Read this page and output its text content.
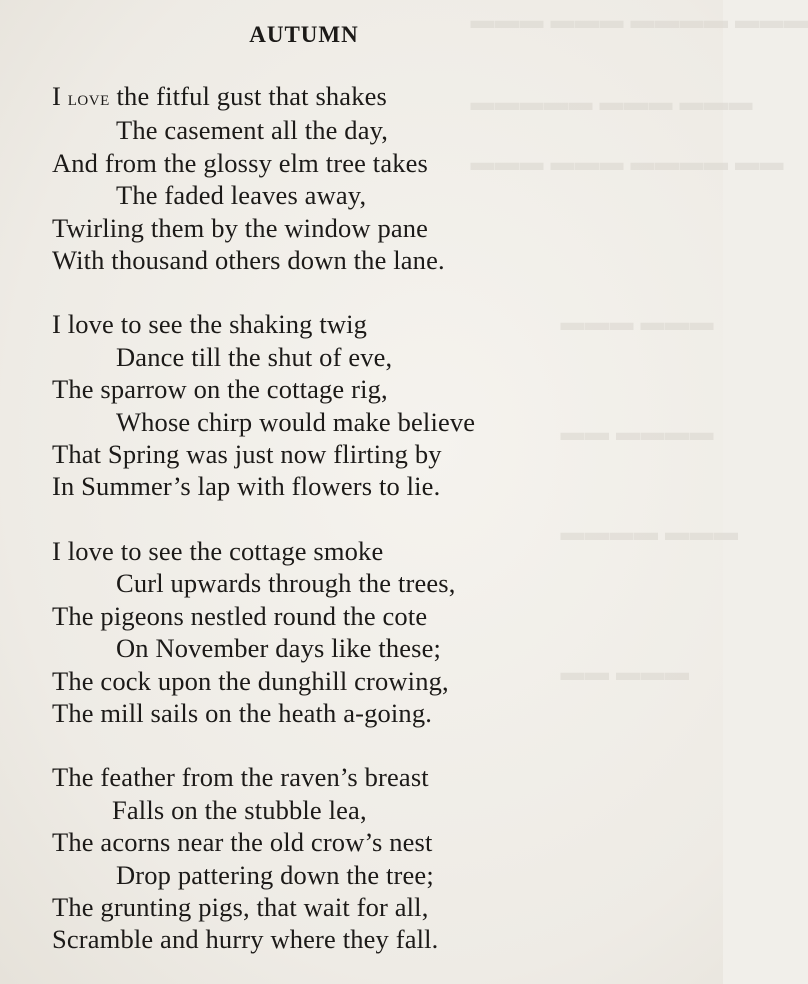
▬▬▬ ▬▬▬▬ ▬▬▬ ▬▬▬
▬▬▬ ▬▬▬ ▬▬▬▬▬
▬▬ ▬▬▬▬ ▬▬▬ ▬▬▬
▬▬▬ ▬▬▬
▬▬▬▬ ▬▬
▬▬▬ ▬▬▬▬
▬▬▬ ▬▬
AUTUMN
I love the fitful gust that shakes
The casement all the day,
And from the glossy elm tree takes
The faded leaves away,
Twirling them by the window pane
With thousand others down the lane.
I love to see the shaking twig
Dance till the shut of eve,
The sparrow on the cottage rig,
Whose chirp would make believe
That Spring was just now flirting by
In Summer’s lap with flowers to lie.
I love to see the cottage smoke
Curl upwards through the trees,
The pigeons nestled round the cote
On November days like these;
The cock upon the dunghill crowing,
The mill sails on the heath a-going.
The feather from the raven’s breast
Falls on the stubble lea,
The acorns near the old crow’s nest
Drop pattering down the tree;
The grunting pigs, that wait for all,
Scramble and hurry where they fall.
